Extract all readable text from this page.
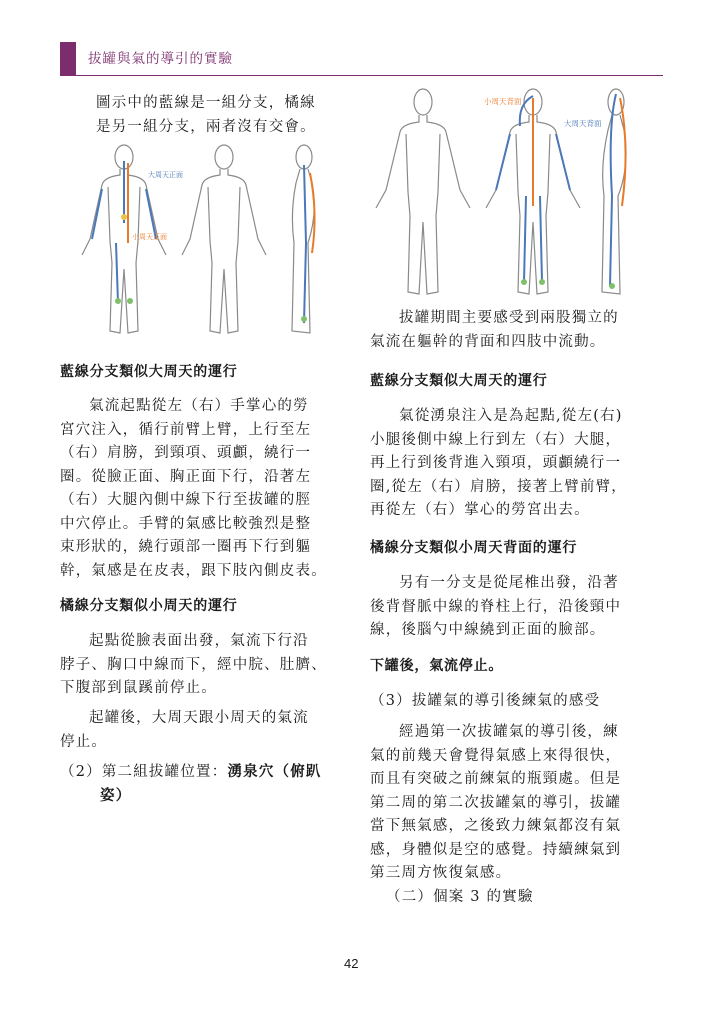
拔罐與氣的導引的實驗

圖示中的藍線是一組分支，橘線
是另一組分支，兩者沒有交會。

大周天正面
小周天正面
藍線分支類似大周天的運行

氣流起點從左（右）手掌心的勞
宮穴注入，循行前臂上臂，上行至左
（右）肩膀，到頸項、頭顱，繞行一
圈。從臉正面、胸正面下行，沿著左
（右）大腿內側中線下行至拔罐的脛
中穴停止。手臂的氣感比較強烈是整
束形狀的，繞行頭部一圈再下行到軀
幹，氣感是在皮表，跟下肢內側皮表。

橘線分支類似小周天的運行

起點從臉表面出發，氣流下行沿
脖子、胸口中線而下，經中脘、肚臍、
下腹部到鼠蹊前停止。

起罐後，大周天跟小周天的氣流
停止。

（2）第二組拔罐位置：湧泉穴（俯趴
姿）

小周天背面
大周天背面

拔罐期間主要感受到兩股獨立的
氣流在軀幹的背面和四肢中流動。

藍線分支類似大周天的運行

氣從湧泉注入是為起點,從左(右)
小腿後側中線上行到左（右）大腿，
再上行到後背進入頸項，頭顱繞行一
圈,從左（右）肩膀，接著上臂前臂，
再從左（右）掌心的勞宮出去。

橘線分支類似小周天背面的運行

另有一分支是從尾椎出發，沿著
後背督脈中線的脊柱上行，沿後頸中
線，後腦勺中線繞到正面的臉部。

下罐後，氣流停止。

（3）拔罐氣的導引後練氣的感受

經過第一次拔罐氣的導引後，練
氣的前幾天會覺得氣感上來得很快，
而且有突破之前練氣的瓶頸處。但是
第二周的第二次拔罐氣的導引，拔罐
當下無氣感，之後致力練氣都沒有氣
感，身體似是空的感覺。持續練氣到
第三周方恢復氣感。

（二）個案 3 的實驗

42
